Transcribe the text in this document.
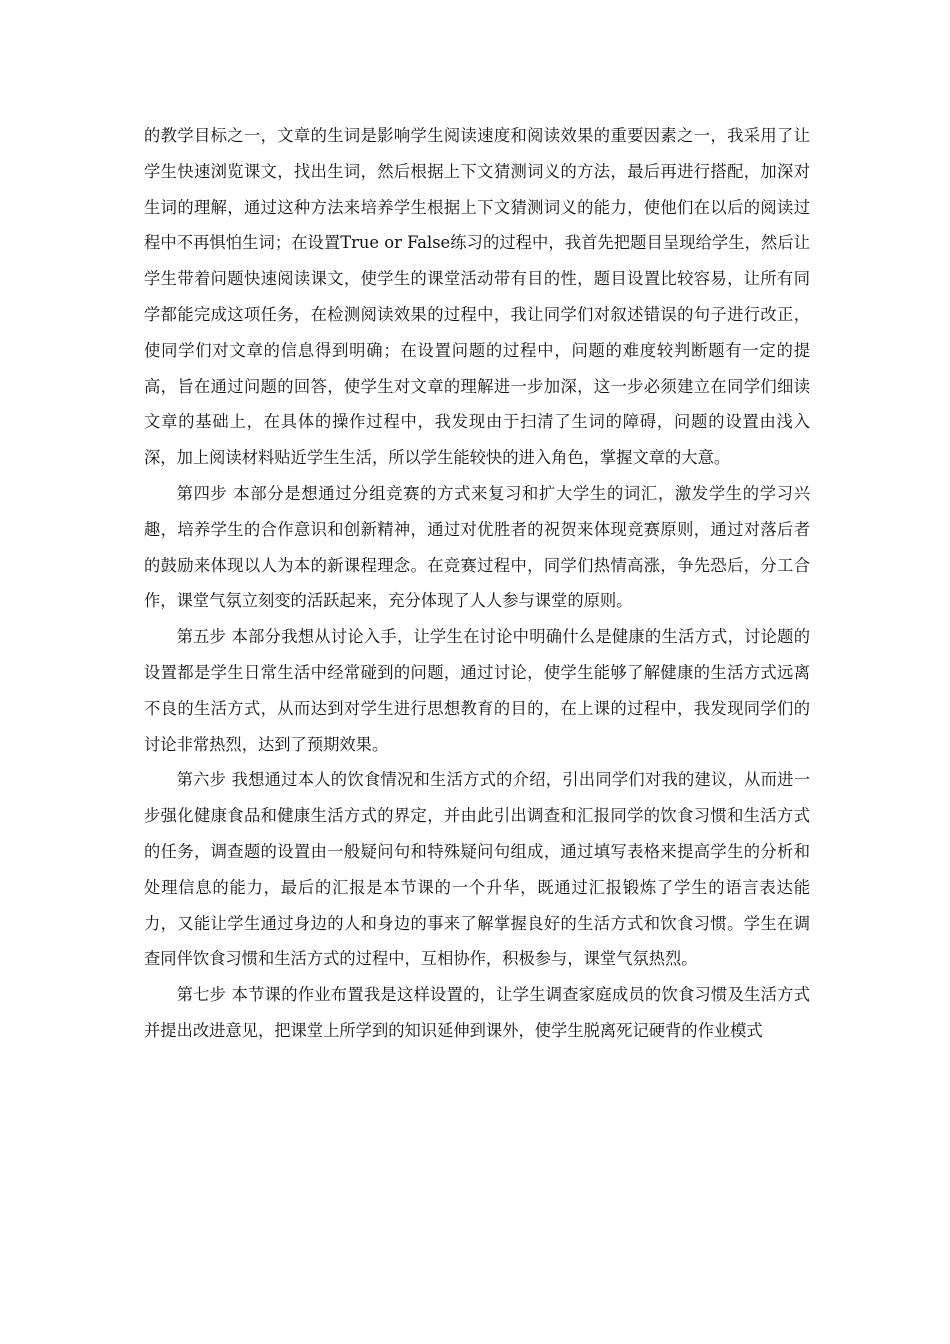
的教学目标之一，文章的生词是影响学生阅读速度和阅读效果的重要因素之一，我采用了让学生快速浏览课文，找出生词，然后根据上下文猜测词义的方法，最后再进行搭配，加深对生词的理解，通过这种方法来培养学生根据上下文猜测词义的能力，使他们在以后的阅读过程中不再惧怕生词；在设置True or False练习的过程中，我首先把题目呈现给学生，然后让学生带着问题快速阅读课文，使学生的课堂活动带有目的性，题目设置比较容易，让所有同学都能完成这项任务，在检测阅读效果的过程中，我让同学们对叙述错误的句子进行改正，使同学们对文章的信息得到明确；在设置问题的过程中，问题的难度较判断题有一定的提高，旨在通过问题的回答，使学生对文章的理解进一步加深，这一步必须建立在同学们细读文章的基础上，在具体的操作过程中，我发现由于扫清了生词的障碍，问题的设置由浅入深，加上阅读材料贴近学生生活，所以学生能较快的进入角色，掌握文章的大意。

第四步 本部分是想通过分组竞赛的方式来复习和扩大学生的词汇，激发学生的学习兴趣，培养学生的合作意识和创新精神，通过对优胜者的祝贺来体现竞赛原则，通过对落后者的鼓励来体现以人为本的新课程理念。在竞赛过程中，同学们热情高涨，争先恐后，分工合作，课堂气氛立刻变的活跃起来，充分体现了人人参与课堂的原则。

第五步 本部分我想从讨论入手，让学生在讨论中明确什么是健康的生活方式，讨论题的设置都是学生日常生活中经常碰到的问题，通过讨论，使学生能够了解健康的生活方式远离不良的生活方式，从而达到对学生进行思想教育的目的，在上课的过程中，我发现同学们的讨论非常热烈，达到了预期效果。

第六步 我想通过本人的饮食情况和生活方式的介绍，引出同学们对我的建议，从而进一步强化健康食品和健康生活方式的界定，并由此引出调查和汇报同学的饮食习惯和生活方式的任务，调查题的设置由一般疑问句和特殊疑问句组成，通过填写表格来提高学生的分析和处理信息的能力，最后的汇报是本节课的一个升华，既通过汇报锻炼了学生的语言表达能力，又能让学生通过身边的人和身边的事来了解掌握良好的生活方式和饮食习惯。学生在调查同伴饮食习惯和生活方式的过程中，互相协作，积极参与，课堂气氛热烈。

第七步 本节课的作业布置我是这样设置的，让学生调查家庭成员的饮食习惯及生活方式并提出改进意见，把课堂上所学到的知识延伸到课外，使学生脱离死记硬背的作业模式
